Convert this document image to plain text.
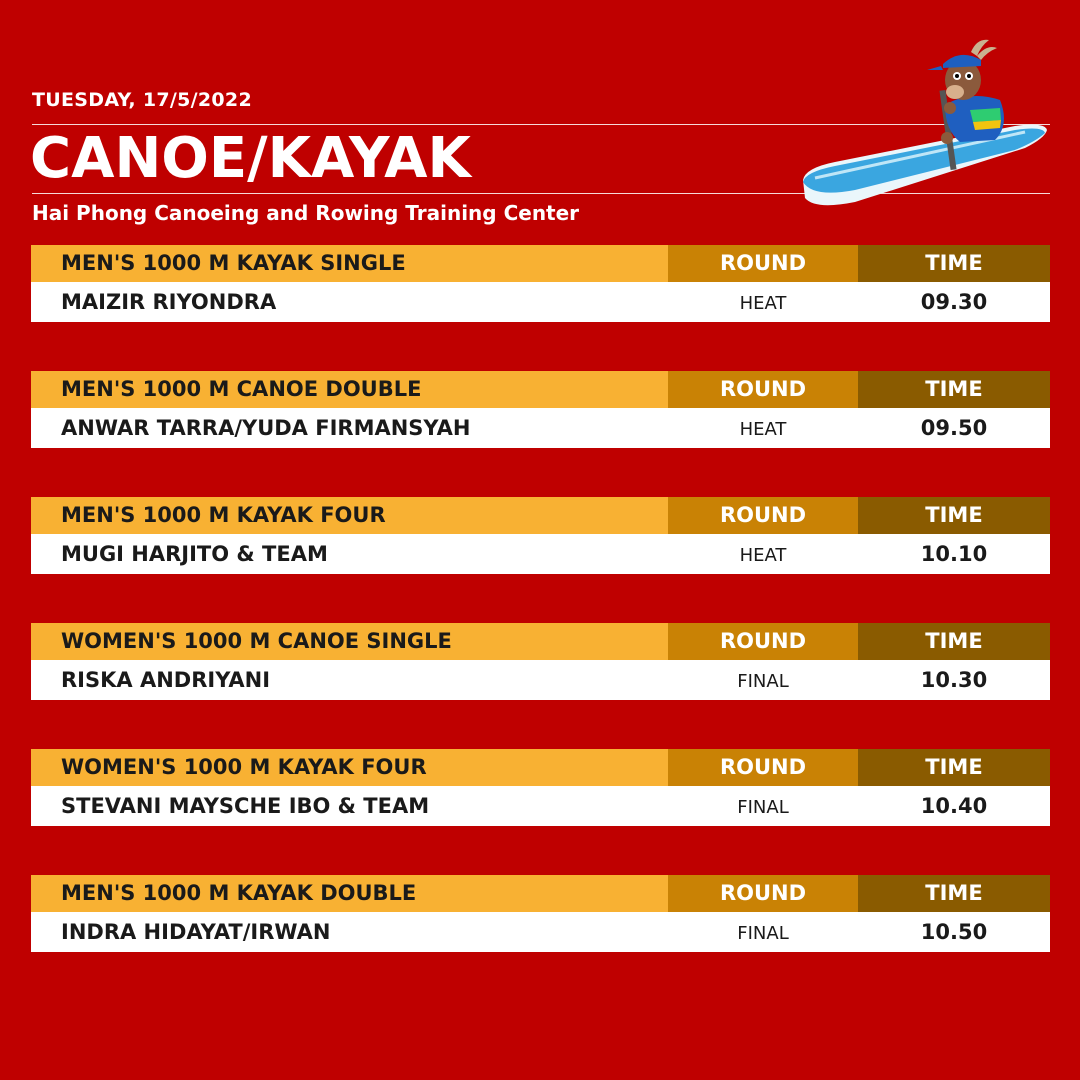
TUESDAY, 17/5/2022
CANOE/KAYAK
Hai Phong Canoeing and Rowing Training Center
MEN'S 1000 M KAYAK SINGLE	ROUND	TIME
MAIZIR RIYONDRA	HEAT	09.30
MEN'S 1000 M CANOE DOUBLE	ROUND	TIME
ANWAR TARRA/YUDA FIRMANSYAH	HEAT	09.50
MEN'S 1000 M KAYAK FOUR	ROUND	TIME
MUGI HARJITO & TEAM	HEAT	10.10
WOMEN'S 1000 M CANOE SINGLE	ROUND	TIME
RISKA ANDRIYANI	FINAL	10.30
WOMEN'S 1000 M KAYAK FOUR	ROUND	TIME
STEVANI MAYSCHE IBO & TEAM	FINAL	10.40
MEN'S 1000 M KAYAK DOUBLE	ROUND	TIME
INDRA HIDAYAT/IRWAN	FINAL	10.50
